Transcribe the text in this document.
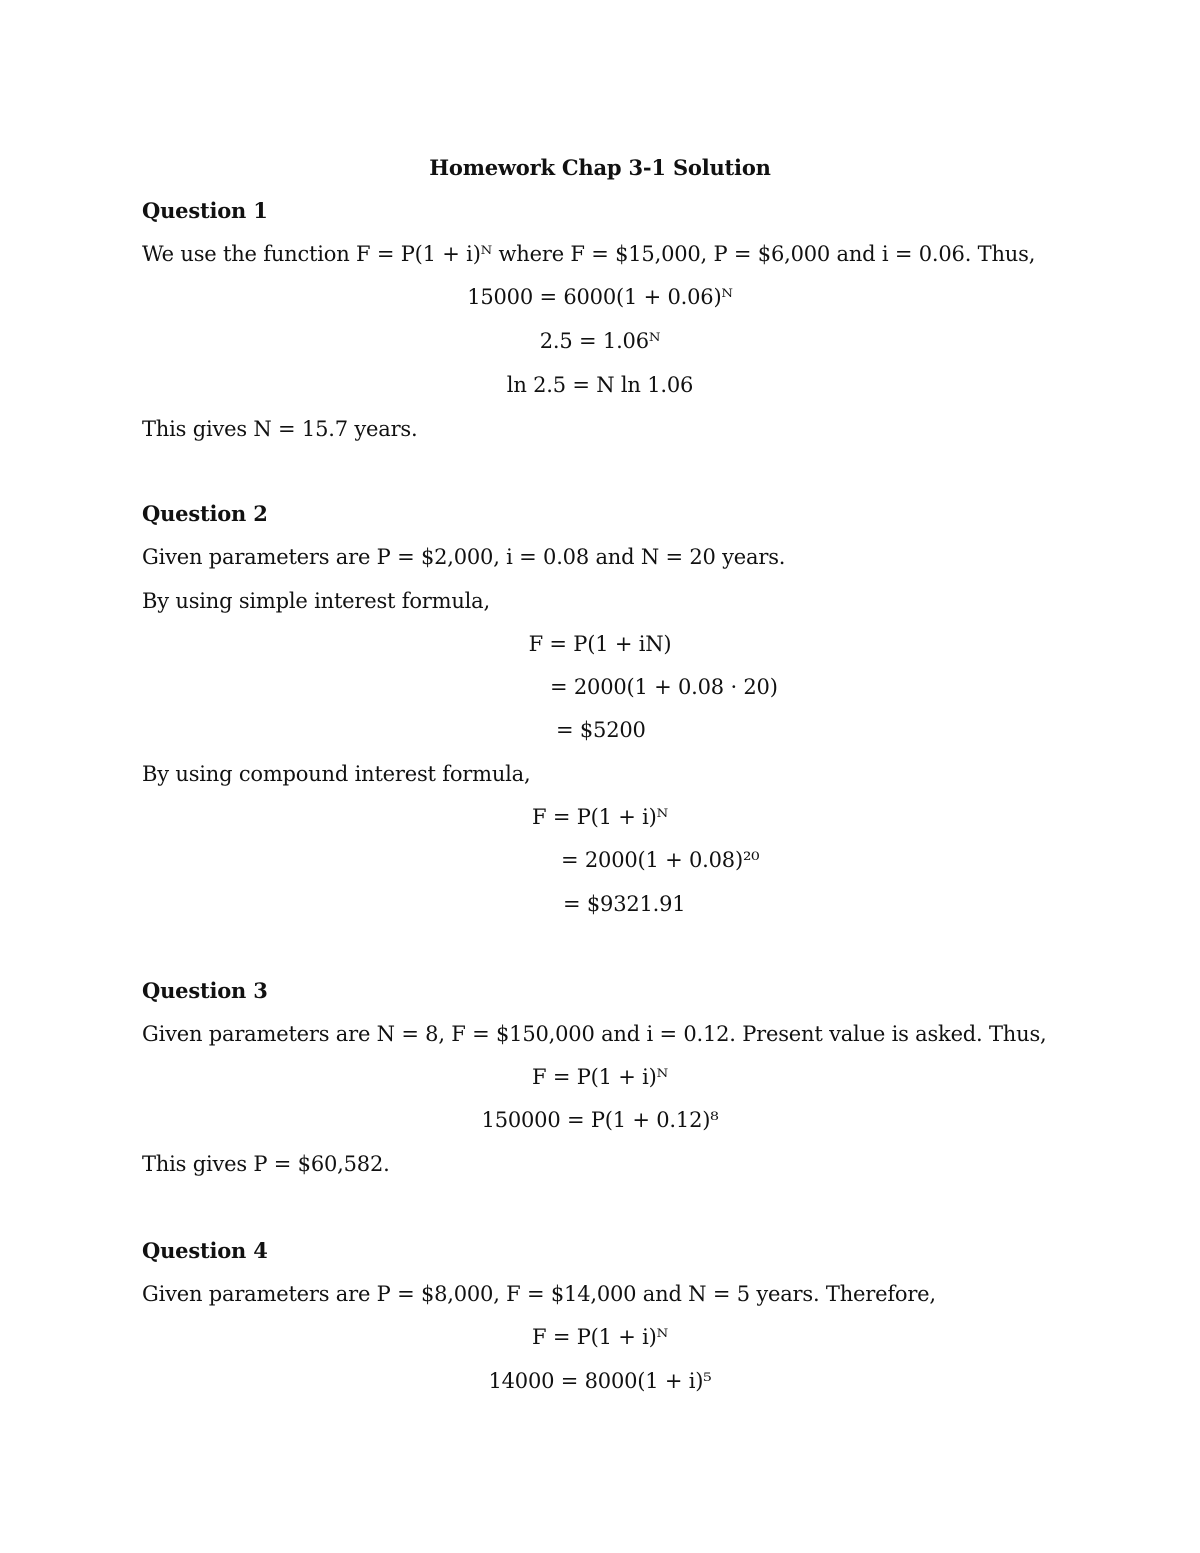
Homework Chap 3-1 Solution
Question 1
We use the function F = P(1 + i)ᴺ where F = $15,000, P = $6,000 and i = 0.06. Thus,
15000 = 6000(1 + 0.06)ᴺ
2.5 = 1.06ᴺ
ln 2.5 = N ln 1.06
This gives N = 15.7 years.
Question 2
Given parameters are P = $2,000, i = 0.08 and N = 20 years.
By using simple interest formula,
F = P(1 + iN)
= 2000(1 + 0.08 · 20)
= $5200
By using compound interest formula,
F = P(1 + i)ᴺ
= 2000(1 + 0.08)²⁰
= $9321.91
Question 3
Given parameters are N = 8, F = $150,000 and i = 0.12. Present value is asked. Thus,
F = P(1 + i)ᴺ
150000 = P(1 + 0.12)⁸
This gives P = $60,582.
Question 4
Given parameters are P = $8,000, F = $14,000 and N = 5 years. Therefore,
F = P(1 + i)ᴺ
14000 = 8000(1 + i)⁵
